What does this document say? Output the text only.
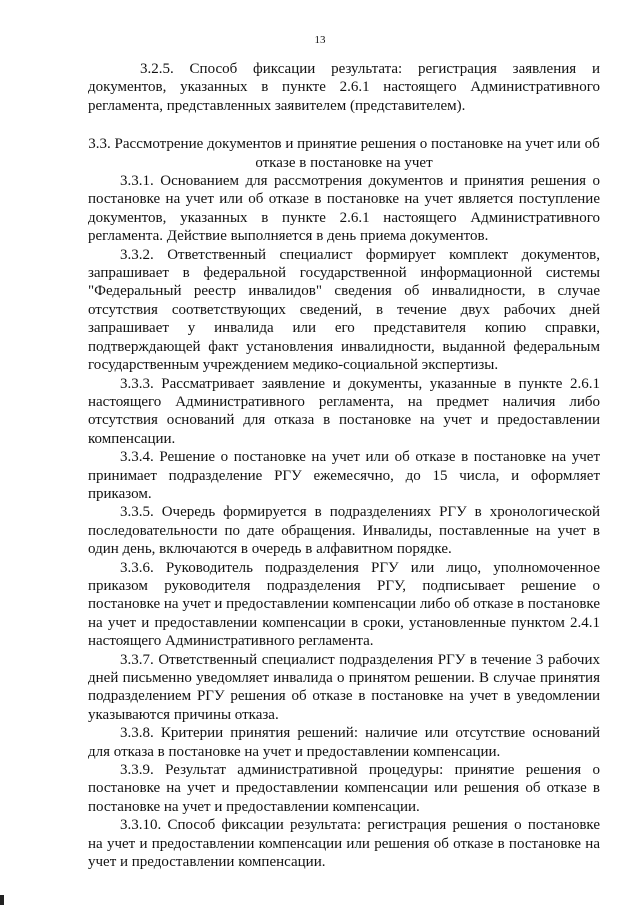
13

3.2.5. Способ фиксации результата: регистрация заявления и документов, указанных в пункте 2.6.1 настоящего Административного регламента, представленных заявителем (представителем).

3.3. Рассмотрение документов и принятие решения о постановке на учет или об отказе в постановке на учет

3.3.1. Основанием для рассмотрения документов и принятия решения о постановке на учет или об отказе в постановке на учет является поступление документов, указанных в пункте 2.6.1 настоящего Административного регламента. Действие выполняется в день приема документов.

3.3.2. Ответственный специалист формирует комплект документов, запрашивает в федеральной государственной информационной системы "Федеральный реестр инвалидов" сведения об инвалидности, в случае отсутствия соответствующих сведений, в течение двух рабочих дней запрашивает у инвалида или его представителя копию справки, подтверждающей факт установления инвалидности, выданной федеральным государственным учреждением медико-социальной экспертизы.

3.3.3. Рассматривает заявление и документы, указанные в пункте 2.6.1 настоящего Административного регламента, на предмет наличия либо отсутствия оснований для отказа в постановке на учет и предоставлении компенсации.

3.3.4. Решение о постановке на учет или об отказе в постановке на учет принимает подразделение РГУ ежемесячно, до 15 числа, и оформляет приказом.

3.3.5. Очередь формируется в подразделениях РГУ в хронологической последовательности по дате обращения. Инвалиды, поставленные на учет в один день, включаются в очередь в алфавитном порядке.

3.3.6. Руководитель подразделения РГУ или лицо, уполномоченное приказом руководителя подразделения РГУ, подписывает решение о постановке на учет и предоставлении компенсации либо об отказе в постановке на учет и предоставлении компенсации в сроки, установленные пунктом 2.4.1 настоящего Административного регламента.

3.3.7. Ответственный специалист подразделения РГУ в течение 3 рабочих дней письменно уведомляет инвалида о принятом решении. В случае принятия подразделением РГУ решения об отказе в постановке на учет в уведомлении указываются причины отказа.

3.3.8. Критерии принятия решений: наличие или отсутствие оснований для отказа в постановке на учет и предоставлении компенсации.

3.3.9. Результат административной процедуры: принятие решения о постановке на учет и предоставлении компенсации или решения об отказе в постановке на учет и предоставлении компенсации.

3.3.10. Способ фиксации результата: регистрация решения о постановке на учет и предоставлении компенсации или решения об отказе в постановке на учет и предоставлении компенсации.
